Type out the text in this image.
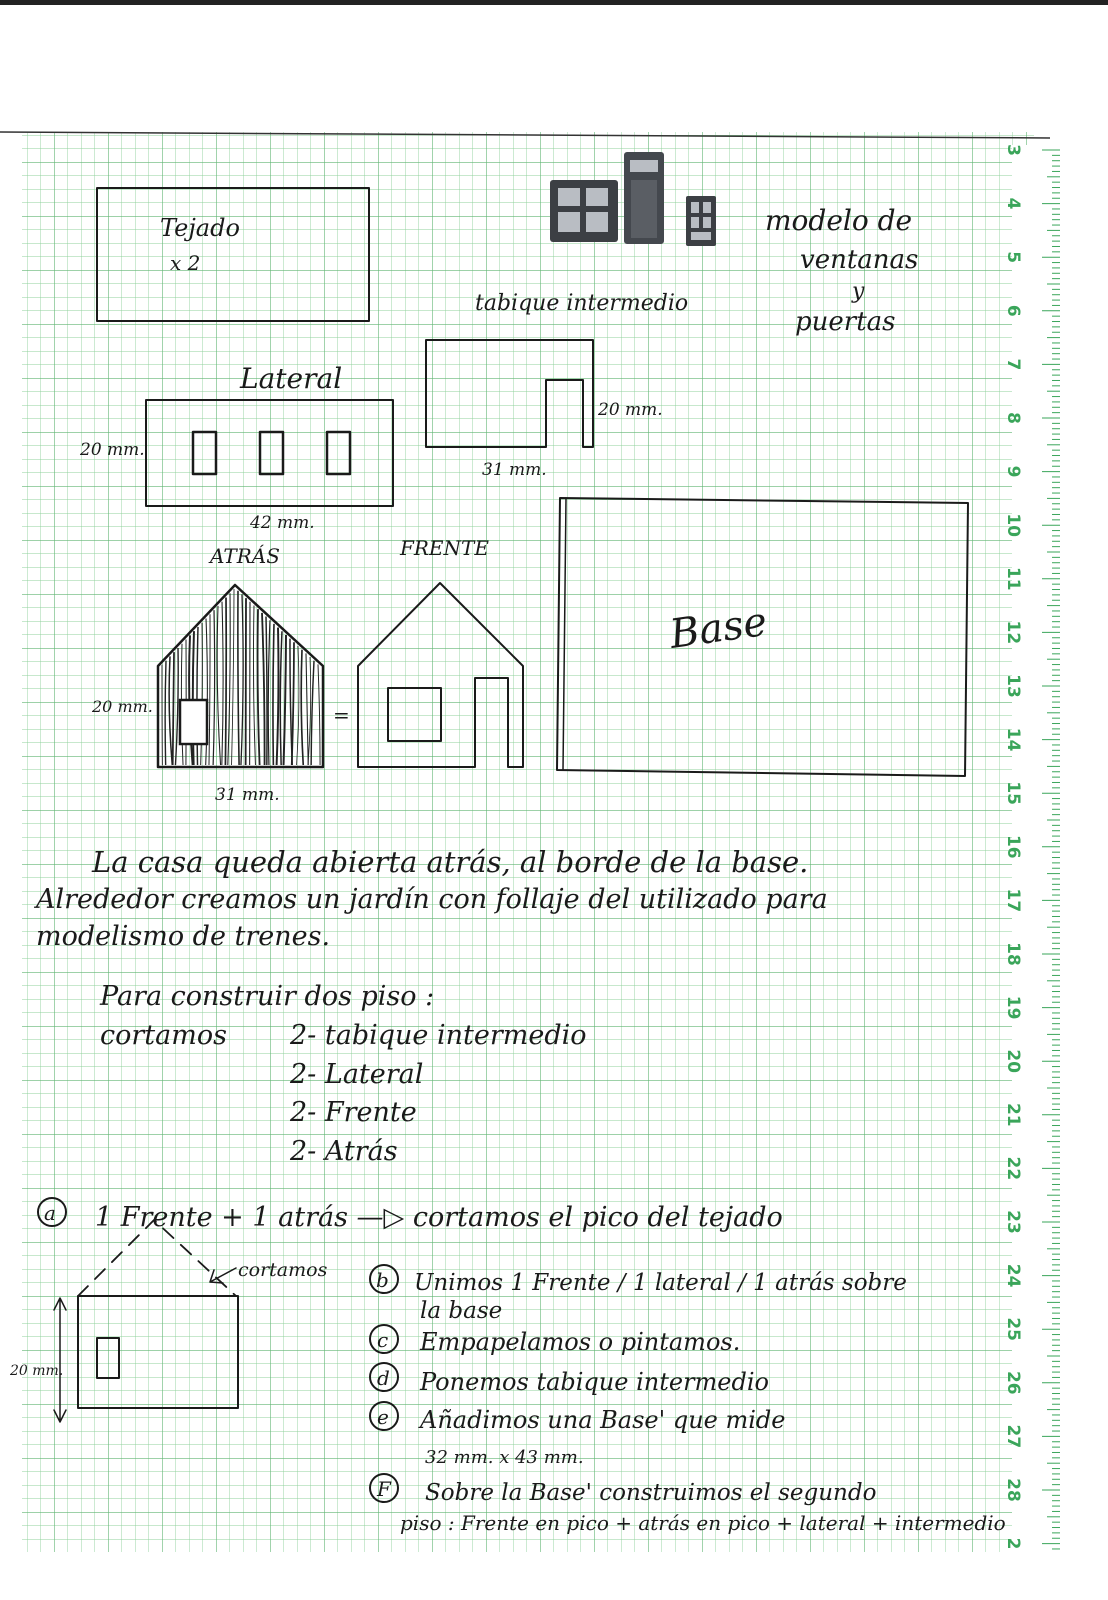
3
4
5
6
7
8
9
10
11
12
13
14
15
16
17
18
19
20
21
22
23
24
25
26
27
28
2
Tejado
x 2
modelo de
ventanas
y
puertas
tabique intermedio
20 mm.
31 mm.
Lateral
20 mm.
42 mm.
ATRÁS
20 mm.
31 mm.
=
FRENTE
Base
La casa queda abierta atrás, al borde de la base.
Alrededor creamos un jardín con follaje del utilizado para
modelismo de trenes.
Para construir dos piso :
cortamos 2- tabique intermedio
2- Lateral
2- Frente
2- Atrás
a 1 Frente + 1 atrás —▷ cortamos el pico del tejado
cortamos
20 mm.
b Unimos 1 Frente / 1 lateral / 1 atrás sobre
la base
c Empapelamos o pintamos.
d Ponemos tabique intermedio
e Añadimos una Base' que mide
32 mm. x 43 mm.
F Sobre la Base' construimos el segundo
piso : Frente en pico + atrás en pico + lateral + intermedio
